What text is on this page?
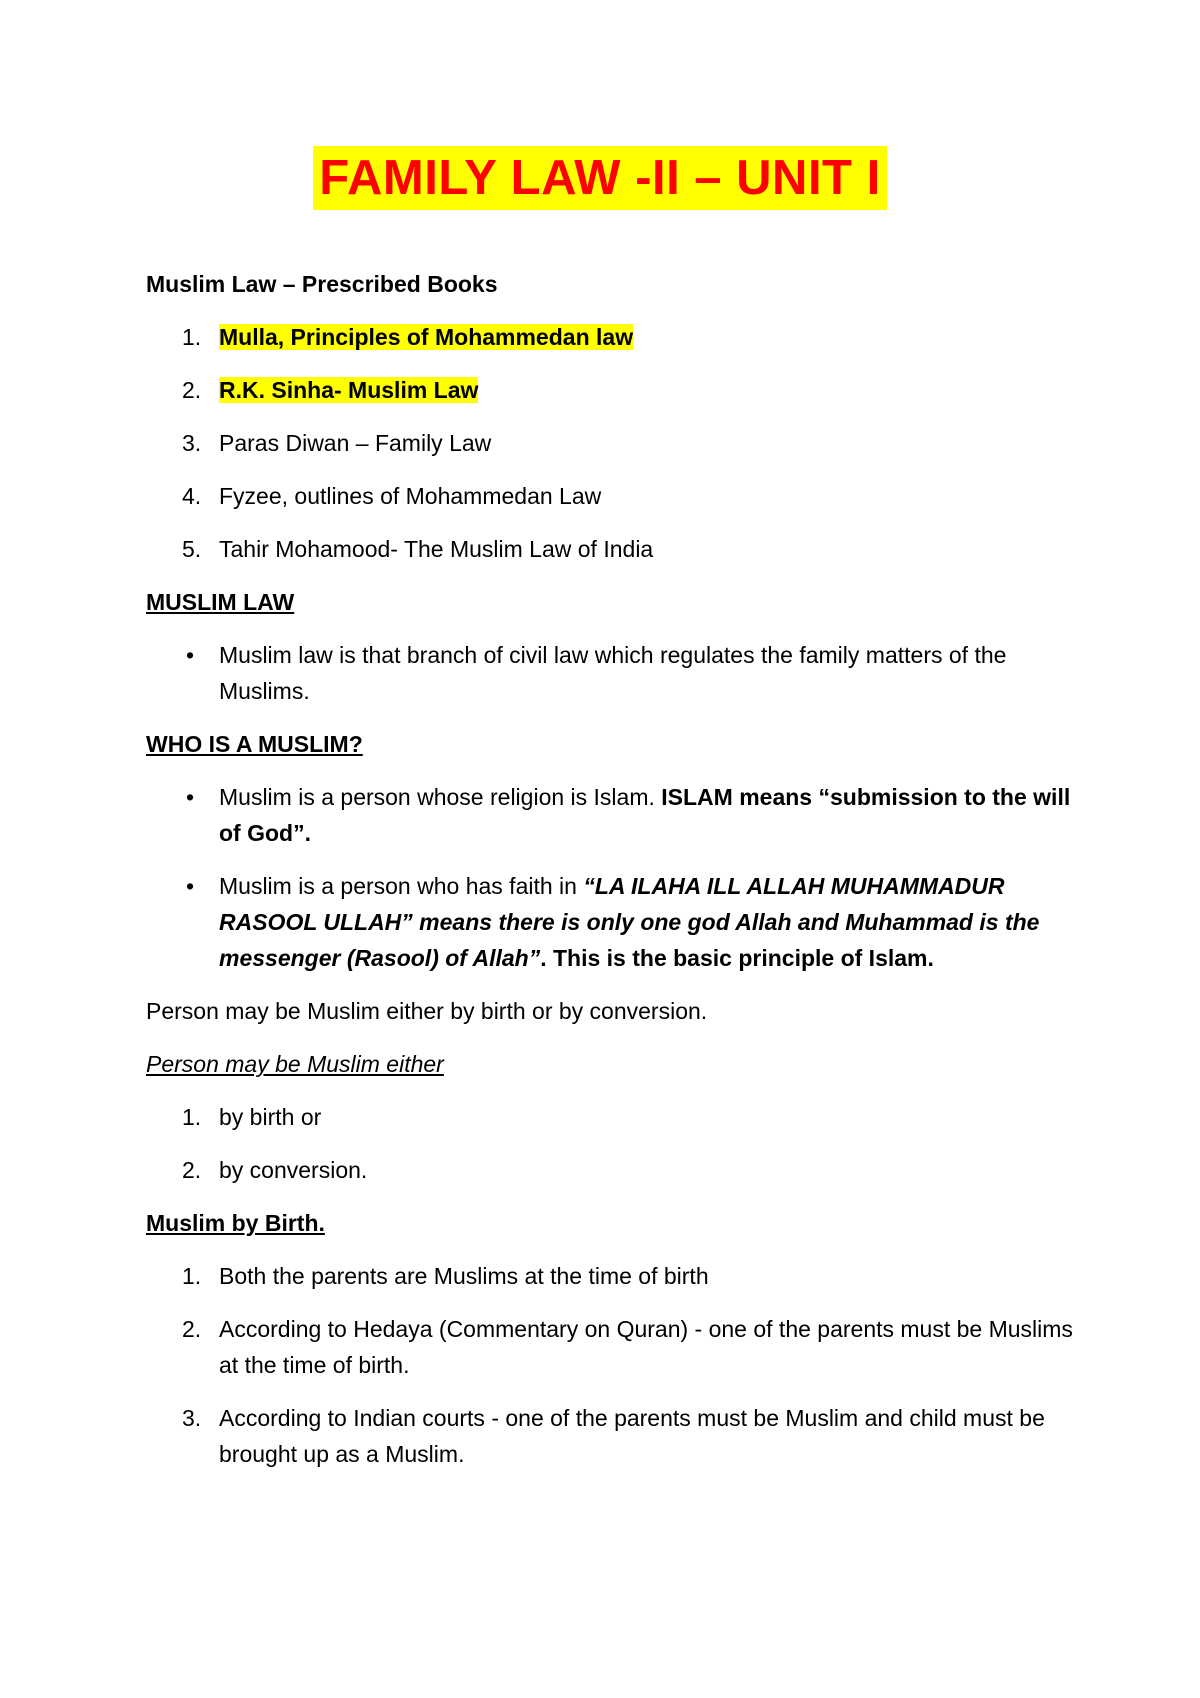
FAMILY LAW -II – UNIT I
Muslim Law – Prescribed Books
1. Mulla, Principles of Mohammedan law
2. R.K. Sinha- Muslim Law
3. Paras Diwan – Family Law
4. Fyzee, outlines of Mohammedan Law
5. Tahir Mohamood- The Muslim Law of India
MUSLIM LAW
•	Muslim law is that branch of civil law which regulates the family matters of the Muslims.
WHO IS A MUSLIM?
•	Muslim is a person whose religion is Islam. ISLAM means “submission to the will of God”.
•	Muslim is a person who has faith in “LA ILAHA ILL ALLAH MUHAMMADUR RASOOL ULLAH” means there is only one god Allah and Muhammad is the messenger (Rasool) of Allah”. This is the basic principle of Islam.
Person may be Muslim either by birth or by conversion.
Person may be Muslim either
1. by birth or
2. by conversion.
Muslim by Birth.
1. Both the parents are Muslims at the time of birth
2. According to Hedaya (Commentary on Quran) - one of the parents must be Muslims at the time of birth.
3. According to Indian courts - one of the parents must be Muslim and child must be brought up as a Muslim.
